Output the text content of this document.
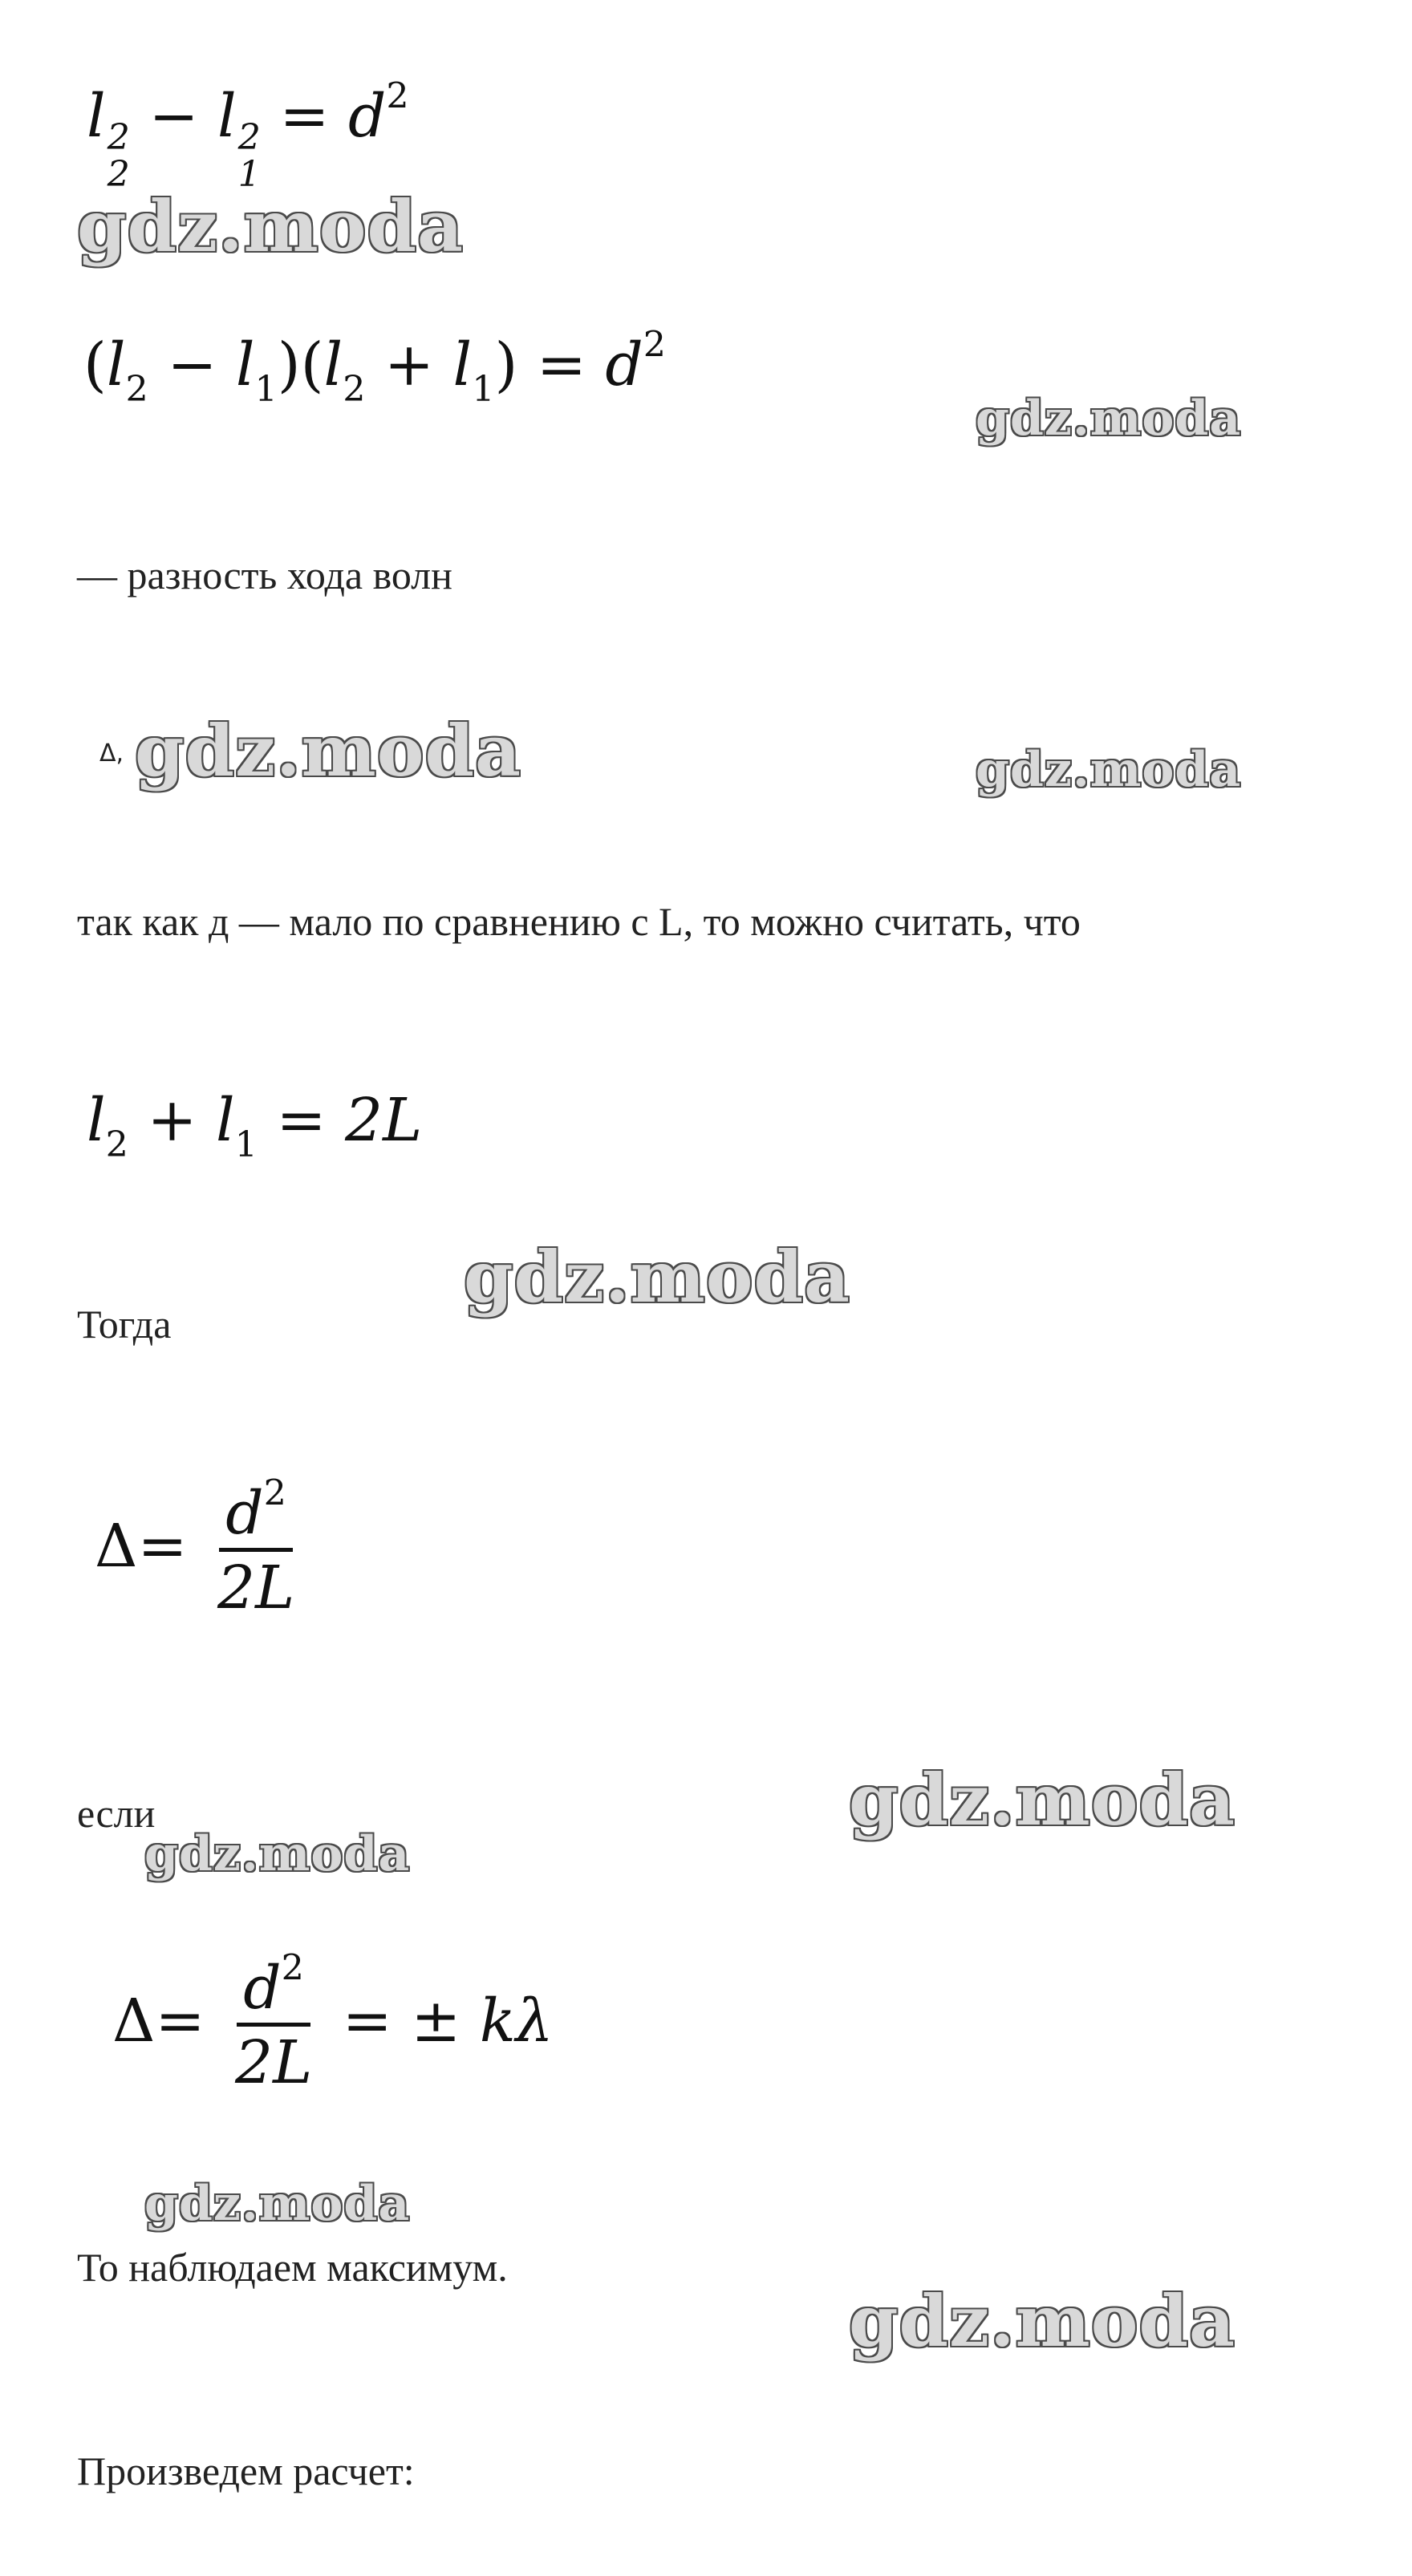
l 2
2
− l 2
1
= $d^2$
gdz.moda
$(l_2 - l_1)(l_2 + l_1) = d^2$
gdz.moda
— разность хода волн
Δ, gdz.moda	gdz.moda
так как д — мало по сравнению с L, то можно считать, что
$l_2 + l_1 = 2L$
gdz.moda
Тогда
$\Delta= \frac{d^2}{2L}$
если	gdz.moda
gdz.moda
$\Delta= \frac{d^2}{2L}$ = ± kλ
gdz.moda
То наблюдаем максимум.
gdz.moda
Произведем расчет:
